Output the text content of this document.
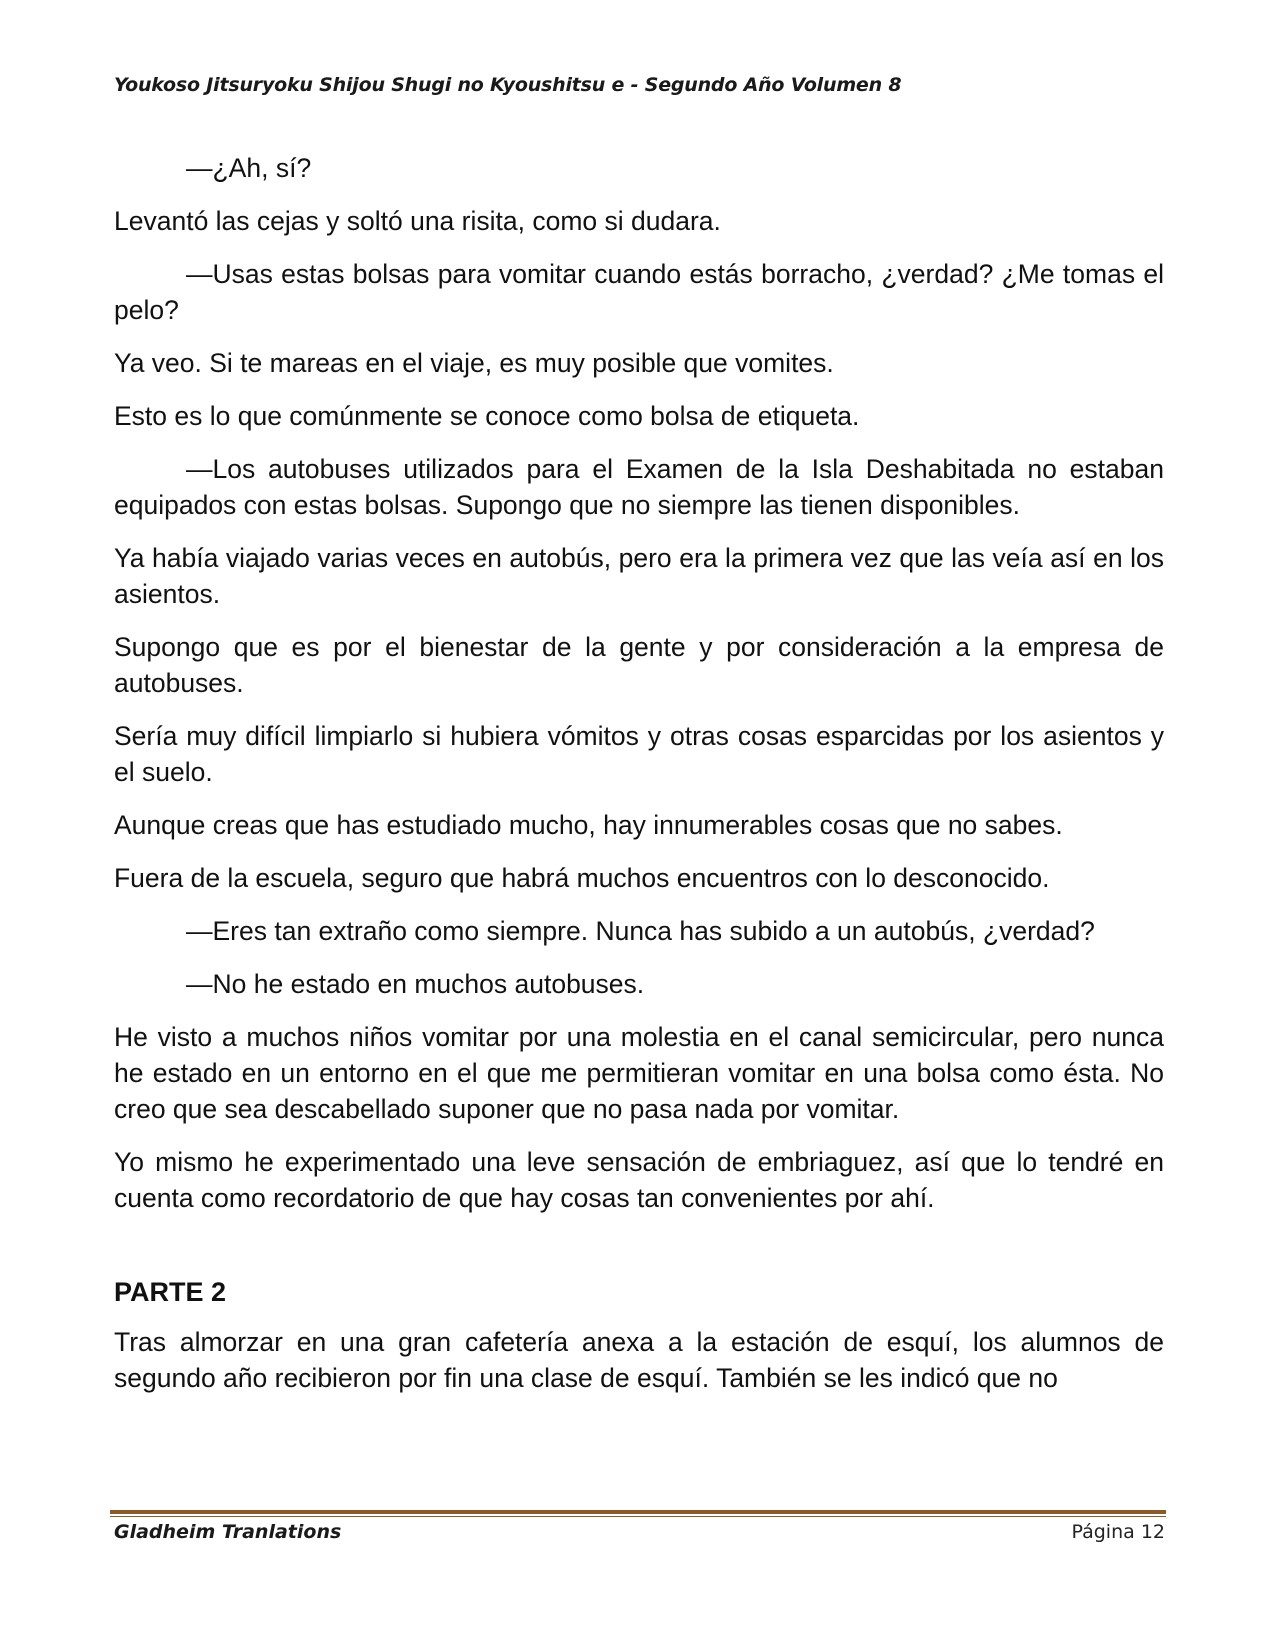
Youkoso Jitsuryoku Shijou Shugi no Kyoushitsu e - Segundo Año Volumen 8

—¿Ah, sí?

Levantó las cejas y soltó una risita, como si dudara.

—Usas estas bolsas para vomitar cuando estás borracho, ¿verdad? ¿Me tomas el pelo?

Ya veo. Si te mareas en el viaje, es muy posible que vomites.

Esto es lo que comúnmente se conoce como bolsa de etiqueta.

—Los autobuses utilizados para el Examen de la Isla Deshabitada no estaban equipados con estas bolsas. Supongo que no siempre las tienen disponibles.

Ya había viajado varias veces en autobús, pero era la primera vez que las veía así en los asientos.

Supongo que es por el bienestar de la gente y por consideración a la empresa de autobuses.

Sería muy difícil limpiarlo si hubiera vómitos y otras cosas esparcidas por los asientos y el suelo.

Aunque creas que has estudiado mucho, hay innumerables cosas que no sabes.

Fuera de la escuela, seguro que habrá muchos encuentros con lo desconocido.

—Eres tan extraño como siempre. Nunca has subido a un autobús, ¿verdad?

—No he estado en muchos autobuses.

He visto a muchos niños vomitar por una molestia en el canal semicircular, pero nunca he estado en un entorno en el que me permitieran vomitar en una bolsa como ésta. No creo que sea descabellado suponer que no pasa nada por vomitar.

Yo mismo he experimentado una leve sensación de embriaguez, así que lo tendré en cuenta como recordatorio de que hay cosas tan convenientes por ahí.

PARTE 2

Tras almorzar en una gran cafetería anexa a la estación de esquí, los alumnos de segundo año recibieron por fin una clase de esquí. También se les indicó que no

Gladheim Tranlations	Página 12
